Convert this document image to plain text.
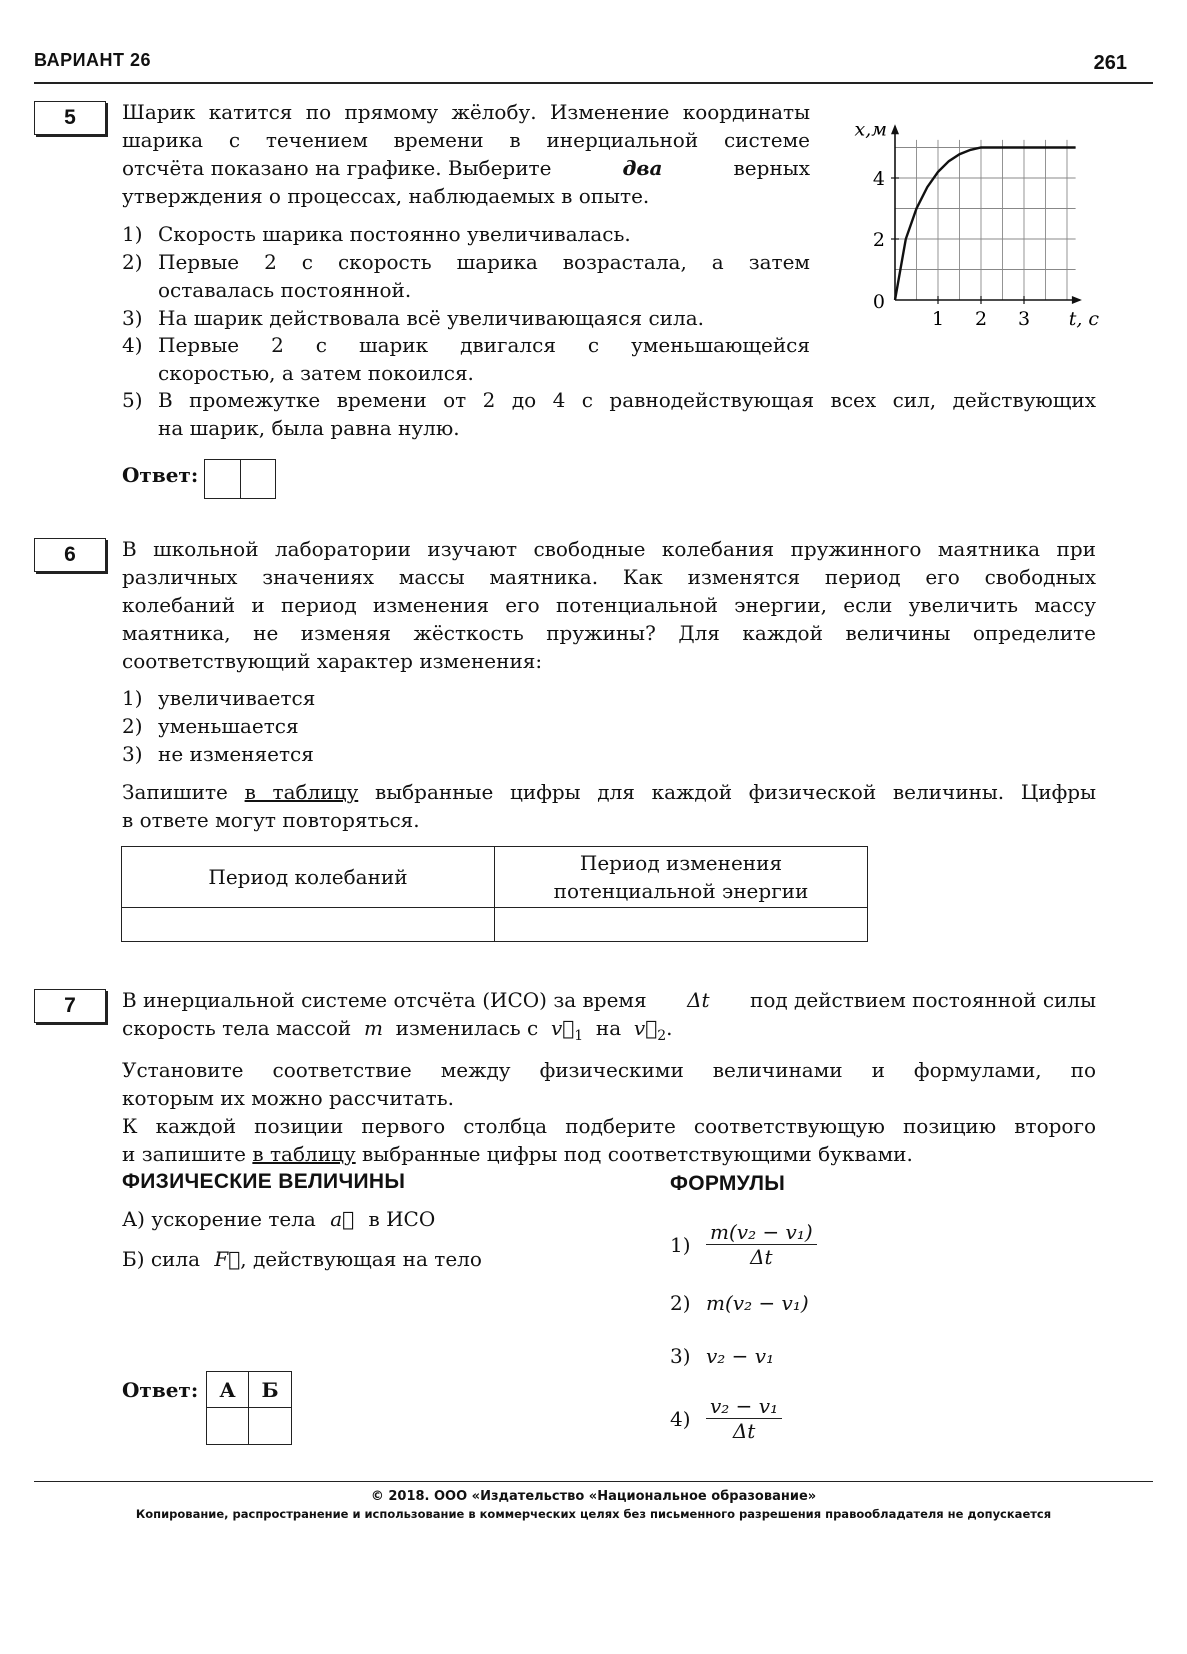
ВАРИАНТ 26	261
5	Шарик катится по прямому жёлобу. Изменение координаты
шарика с течением времени в инерциальной системе
отсчёта показано на графике. Выберите	два	верных
утверждения о процессах, наблюдаемых в опыте.
1) Скорость шарика постоянно увеличивалась.
2) Первые 2 с скорость шарика возрастала, а затем
оставалась постоянной.
3) На шарик действовала всё увеличивающаяся сила.
4) Первые 2 с шарик двигался с уменьшающейся
скоростью, а затем покоился.
5) В промежутке времени от 2 до 4 с равнодействующая всех сил, действующих
на шарик, была равна нулю.
Ответ:
1 2 3
2
4
x,м
t, с
0
6	В школьной лаборатории изучают свободные колебания пружинного маятника при
различных значениях массы маятника. Как изменятся период его свободных
колебаний и период изменения его потенциальной энергии, если увеличить массу
маятника, не изменяя жёсткость пружины? Для каждой величины определите
соответствующий характер изменения:
1) увеличивается
2) уменьшается
3) не изменяется
Запишите в таблицу выбранные цифры для каждой физической величины. Цифры
в ответе могут повторяться.
Период колебаний	Период изменения
потенциальной энергии

7	В инерциальной системе отсчёта (ИСО) за время Δt под действием постоянной силы
скорость тела массой m изменилась с $v⃗_1$ на $v⃗_2$.
Установите соответствие между физическими величинами и формулами, по
которым их можно рассчитать.
К каждой позиции первого столбца подберите соответствующую позицию второго
и запишите в таблицу выбранные цифры под соответствующими буквами.
ФИЗИЧЕСКИЕ ВЕЛИЧИНЫ	ФОРМУЛЫ
А) ускорение тела a⃗ в ИСО
Б) сила F⃗, действующая на тело
$1) \frac{\text{m(v₂ − v₁)}}{\Delta t}$
2) m(v₂ − v₁)
3) v₂ − v₁
$4) \frac{\text{v₂ − v₁}}{\Delta t}$
Ответ:	А	Б
© 2018. ООО «Издательство «Национальное образование»
Копирование, распространение и использование в коммерческих целях без письменного разрешения правообладателя не допускается
